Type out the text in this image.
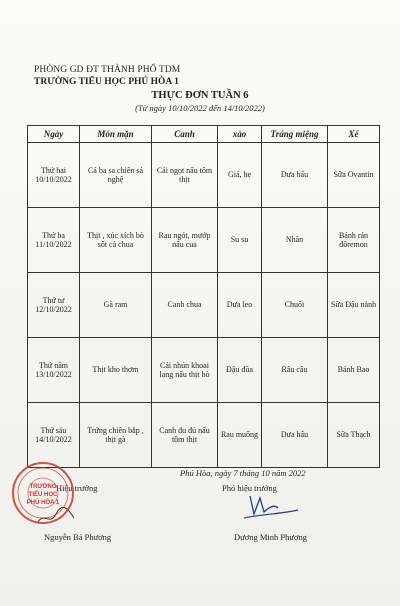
PHÒNG GD ĐT THÀNH PHỐ TDM
TRƯỜNG TIỂU HỌC PHÚ HÒA 1
THỰC ĐƠN TUẦN 6
(Từ ngày 10/10/2022 đến 14/10/2022)
Ngày	Món mặn	Canh	xào	Tráng miệng	Xế
Thứ hai 10/10/2022	Cá ba sa chiên sả nghệ	Cải ngọt nấu tôm thịt	Giá, hẹ	Dưa hấu	Sữa Ovantin
Thứ ba 11/10/2022	Thịt , xúc xích bò sốt cà chua	Rau ngót, mướp nấu cua	Su su	Nhãn	Bánh rán đôremon
Thứ tư 12/10/2022	Gà ram	Canh chua	Dưa leo	Chuối	Sữa Đậu nành
Thứ năm 13/10/2022	Thịt kho thơm	Cải nhún khoai lang nấu thịt bò	Đậu đũa	Râu câu	Bánh Bao
Thứ sáu 14/10/2022	Trứng chiên bắp , thịt gà	Canh đu đủ nấu tôm thịt	Rau muống	Dưa hấu	Sữa Thạch
Phú Hòa, ngày 7 tháng 10 năm 2022
Hiệu trưởng	Phó hiệu trưởng
TRƯỜNG
TIỂU HỌC
PHÚ HÒA 1
Nguyễn Bá Phương	Dương Minh Phượng
